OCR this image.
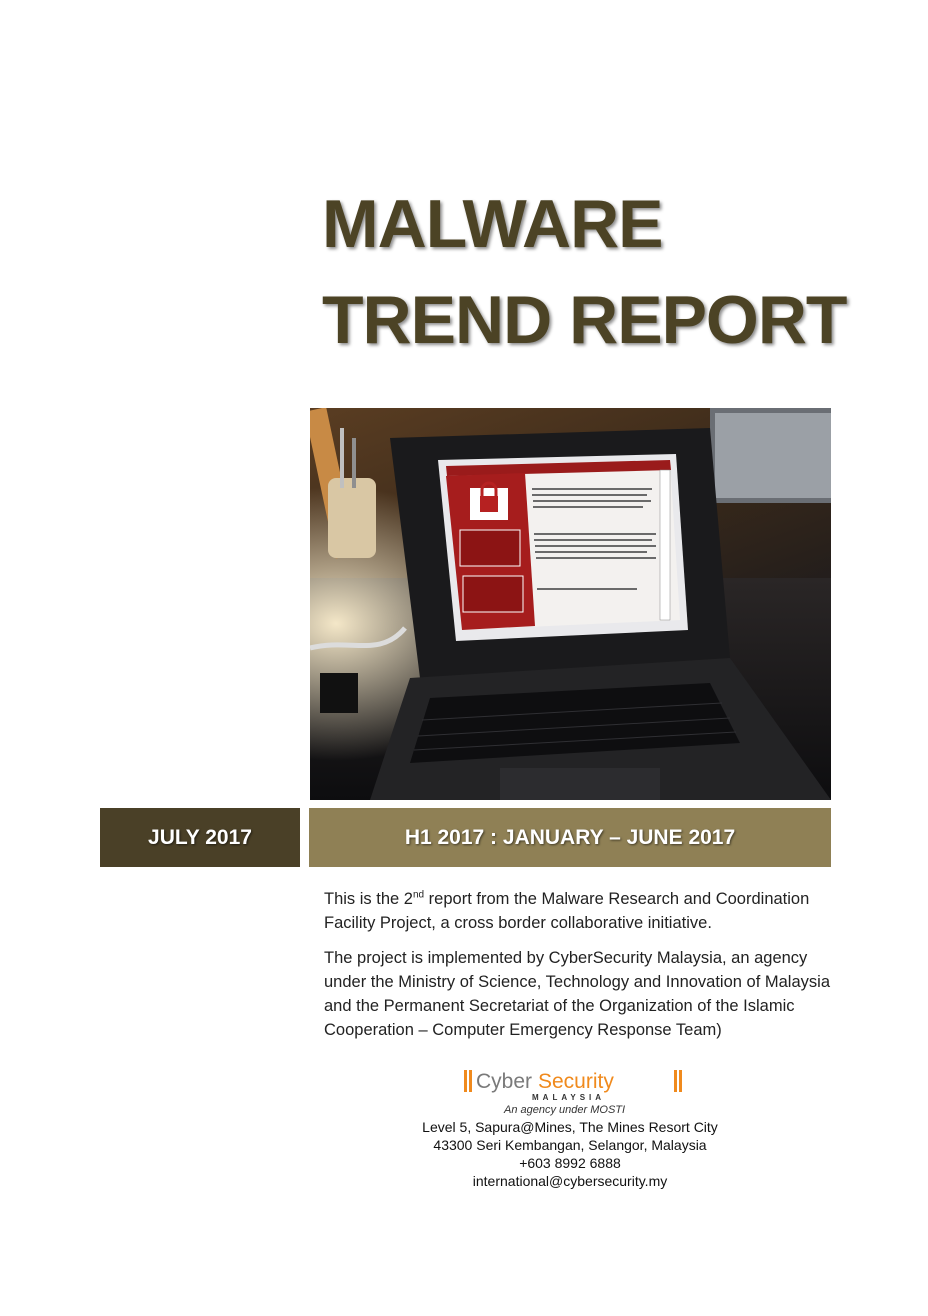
MALWARE
TREND REPORT
JULY 2017	H1 2017 : JANUARY – JUNE 2017

This is the 2nd report from the Malware Research and Coordination Facility Project, a cross border collaborative initiative.

The project is implemented by CyberSecurity Malaysia, an agency under the Ministry of Science, Technology and Innovation of Malaysia and the Permanent Secretariat of the Organization of the Islamic Cooperation – Computer Emergency Response Team)

Cyber Security
MALAYSIA
An agency under MOSTI
Level 5, Sapura@Mines, The Mines Resort City
43300 Seri Kembangan, Selangor, Malaysia
+603 8992 6888
international@cybersecurity.my
